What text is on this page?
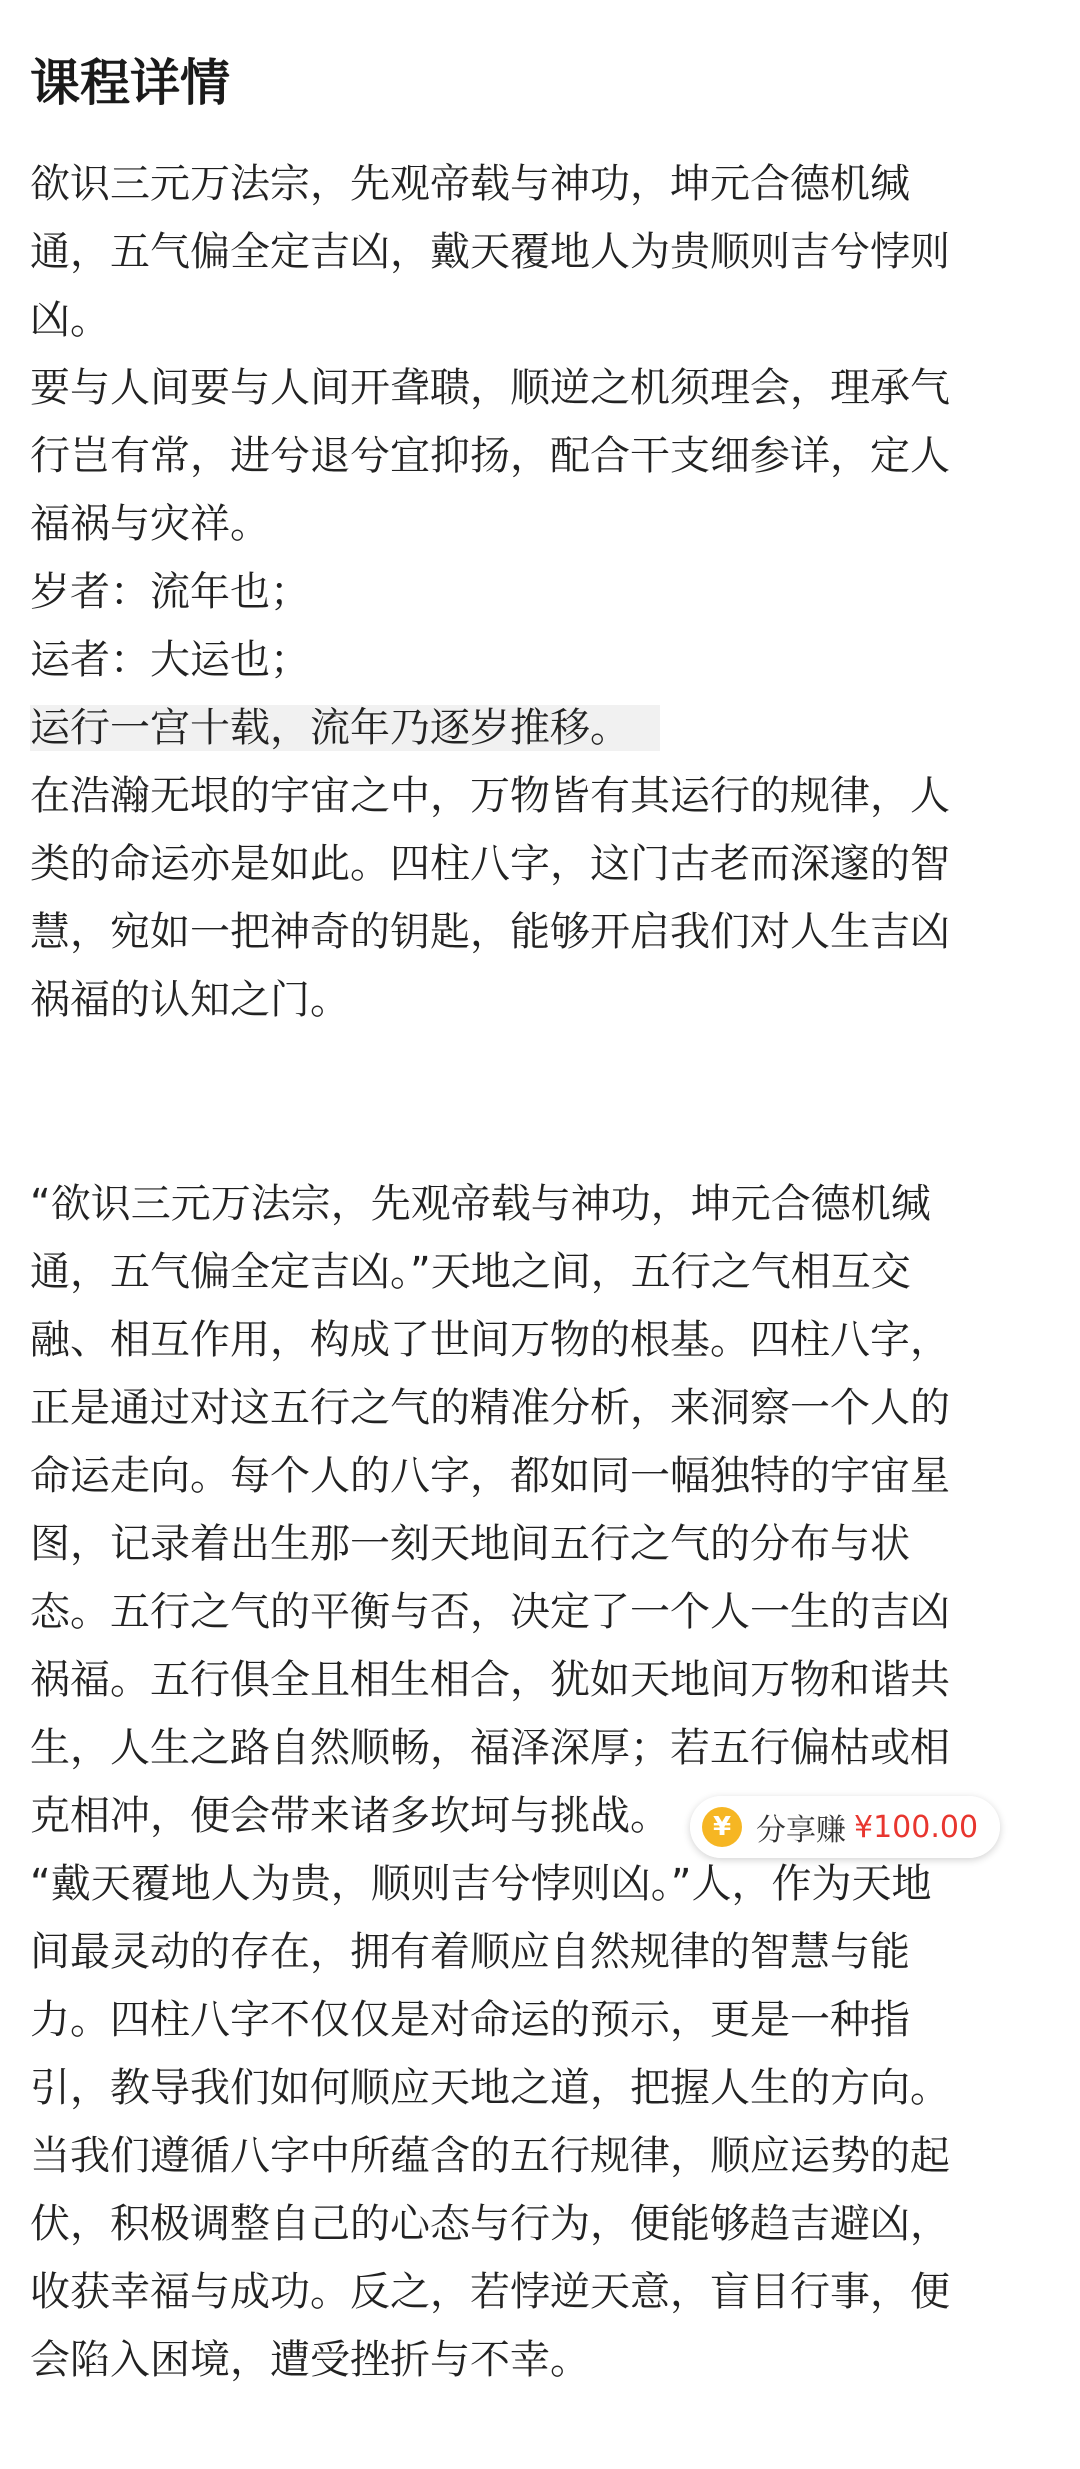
课程详情

欲识三元万法宗，先观帝载与神功，坤元合德机缄
通，五气偏全定吉凶，戴天覆地人为贵顺则吉兮悖则
凶。

要与人间要与人间开聋聩，顺逆之机须理会，理承气
行岂有常，进兮退兮宜抑扬，配合干支细参详，定人
福祸与灾祥。

岁者：流年也；
运者：大运也；
运行一宫十载，流年乃逐岁推移。

在浩瀚无垠的宇宙之中，万物皆有其运行的规律，人
类的命运亦是如此。四柱八字，这门古老而深邃的智
慧，宛如一把神奇的钥匙，能够开启我们对人生吉凶
祸福的认知之门。

“欲识三元万法宗，先观帝载与神功，坤元合德机缄
通，五气偏全定吉凶。”天地之间，五行之气相互交
融、相互作用，构成了世间万物的根基。四柱八字，
正是通过对这五行之气的精准分析，来洞察一个人的
命运走向。每个人的八字，都如同一幅独特的宇宙星
图，记录着出生那一刻天地间五行之气的分布与状
态。五行之气的平衡与否，决定了一个人一生的吉凶
祸福。五行俱全且相生相合，犹如天地间万物和谐共
生，人生之路自然顺畅，福泽深厚；若五行偏枯或相
克相冲，便会带来诸多坎坷与挑战。

“戴天覆地人为贵，顺则吉兮悖则凶。”人，作为天地
间最灵动的存在，拥有着顺应自然规律的智慧与能
力。四柱八字不仅仅是对命运的预示，更是一种指
引，教导我们如何顺应天地之道，把握人生的方向。
当我们遵循八字中所蕴含的五行规律，顺应运势的起
伏，积极调整自己的心态与行为，便能够趋吉避凶，
收获幸福与成功。反之，若悖逆天意，盲目行事，便
会陷入困境，遭受挫折与不幸。

¥ 分享赚 ¥100.00
